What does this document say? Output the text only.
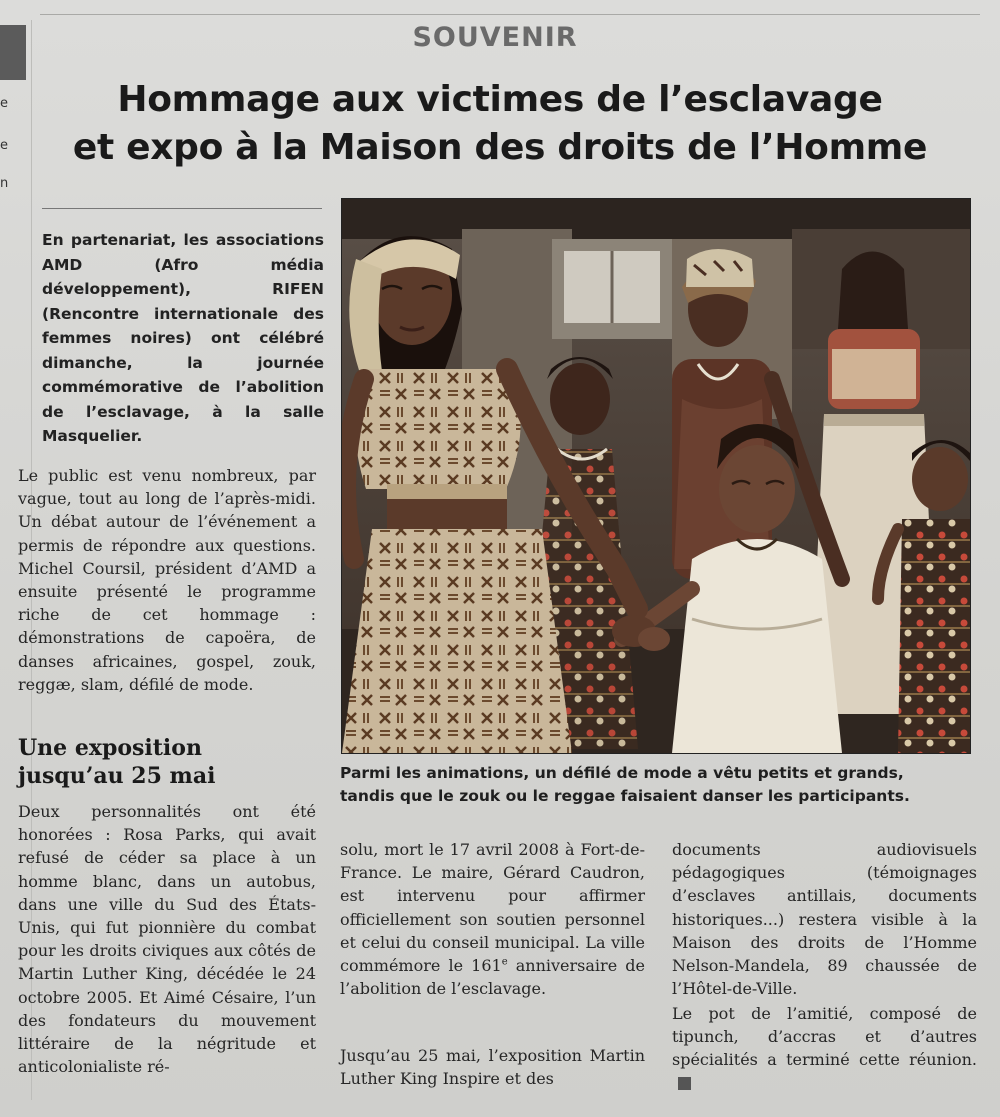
e
e
n
SOUVENIR
Hommage aux victimes de l’esclavage
et expo à la Maison des droits de l’Homme

En partenariat, les associations AMD (Afro média développement), RIFEN (Rencontre internationale des femmes noires) ont célébré dimanche, la journée commémorative de l’abolition de l’esclavage, à la salle Masquelier.

Le public est venu nombreux, par vague, tout au long de l’après-midi. Un débat autour de l’événement a permis de répondre aux questions. Michel Coursil, président d’AMD a ensuite présenté le programme riche de cet hommage : démonstrations de capoëra, de danses africaines, gospel, zouk, reggæ, slam, défilé de mode.

Une exposition
jusqu’au 25 mai

Deux personnalités ont été honorées : Rosa Parks, qui avait refusé de céder sa place à un homme blanc, dans un autobus, dans une ville du Sud des États-Unis, qui fut pionnière du combat pour les droits civiques aux côtés de Martin Luther King, décédée le 24 octobre 2005. Et Aimé Césaire, l’un des fondateurs du mouvement littéraire de la négritude et anticolonialiste ré-

solu, mort le 17 avril 2008 à Fort-de-France. Le maire, Gérard Caudron, est intervenu pour affirmer officiellement son soutien personnel et celui du conseil municipal. La ville commémore le 161e anniversaire de l’abolition de l’esclavage.

Jusqu’au 25 mai, l’exposition Martin Luther King Inspire et des

documents audiovisuels pédagogiques (témoignages d’esclaves antillais, documents historiques...) restera visible à la Maison des droits de l’Homme Nelson-Mandela, 89 chaussée de l’Hôtel-de-Ville.

Le pot de l’amitié, composé de tipunch, d’accras et d’autres spécialités a terminé cette réunion.

Parmi les animations, un défilé de mode a vêtu petits et grands,
tandis que le zouk ou le reggae faisaient danser les participants.
